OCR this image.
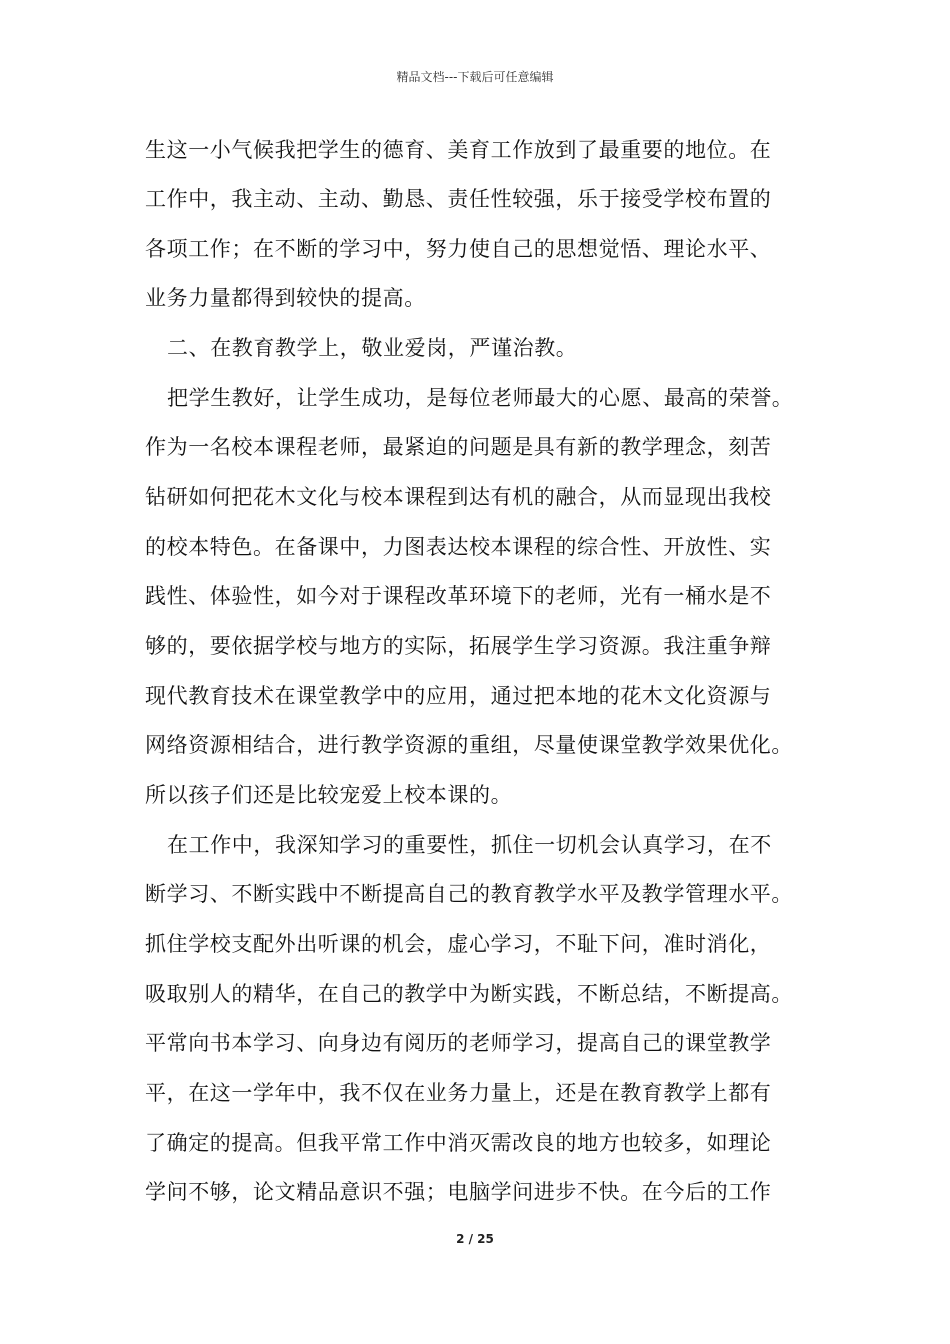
精品文档---下载后可任意编辑
生这一小气候我把学生的德育、美育工作放到了最重要的地位。在
工作中，我主动、主动、勤恳、责任性较强，乐于接受学校布置的
各项工作；在不断的学习中，努力使自己的思想觉悟、理论水平、
业务力量都得到较快的提高。
二、在教育教学上，敬业爱岗，严谨治教。
把学生教好，让学生成功，是每位老师最大的心愿、最高的荣誉。
作为一名校本课程老师，最紧迫的问题是具有新的教学理念，刻苦
钻研如何把花木文化与校本课程到达有机的融合，从而显现出我校
的校本特色。在备课中，力图表达校本课程的综合性、开放性、实
践性、体验性，如今对于课程改革环境下的老师，光有一桶水是不
够的，要依据学校与地方的实际，拓展学生学习资源。我注重争辩
现代教育技术在课堂教学中的应用，通过把本地的花木文化资源与
网络资源相结合，进行教学资源的重组，尽量使课堂教学效果优化。
所以孩子们还是比较宠爱上校本课的。
在工作中，我深知学习的重要性，抓住一切机会认真学习，在不
断学习、不断实践中不断提高自己的教育教学水平及教学管理水平。
抓住学校支配外出听课的机会，虚心学习，不耻下问，准时消化，
吸取别人的精华，在自己的教学中为断实践，不断总结，不断提高。
平常向书本学习、向身边有阅历的老师学习，提高自己的课堂教学
平，在这一学年中，我不仅在业务力量上，还是在教育教学上都有
了确定的提高。但我平常工作中消灭需改良的地方也较多，如理论
学问不够，论文精品意识不强；电脑学问进步不快。在今后的工作
2 / 25
